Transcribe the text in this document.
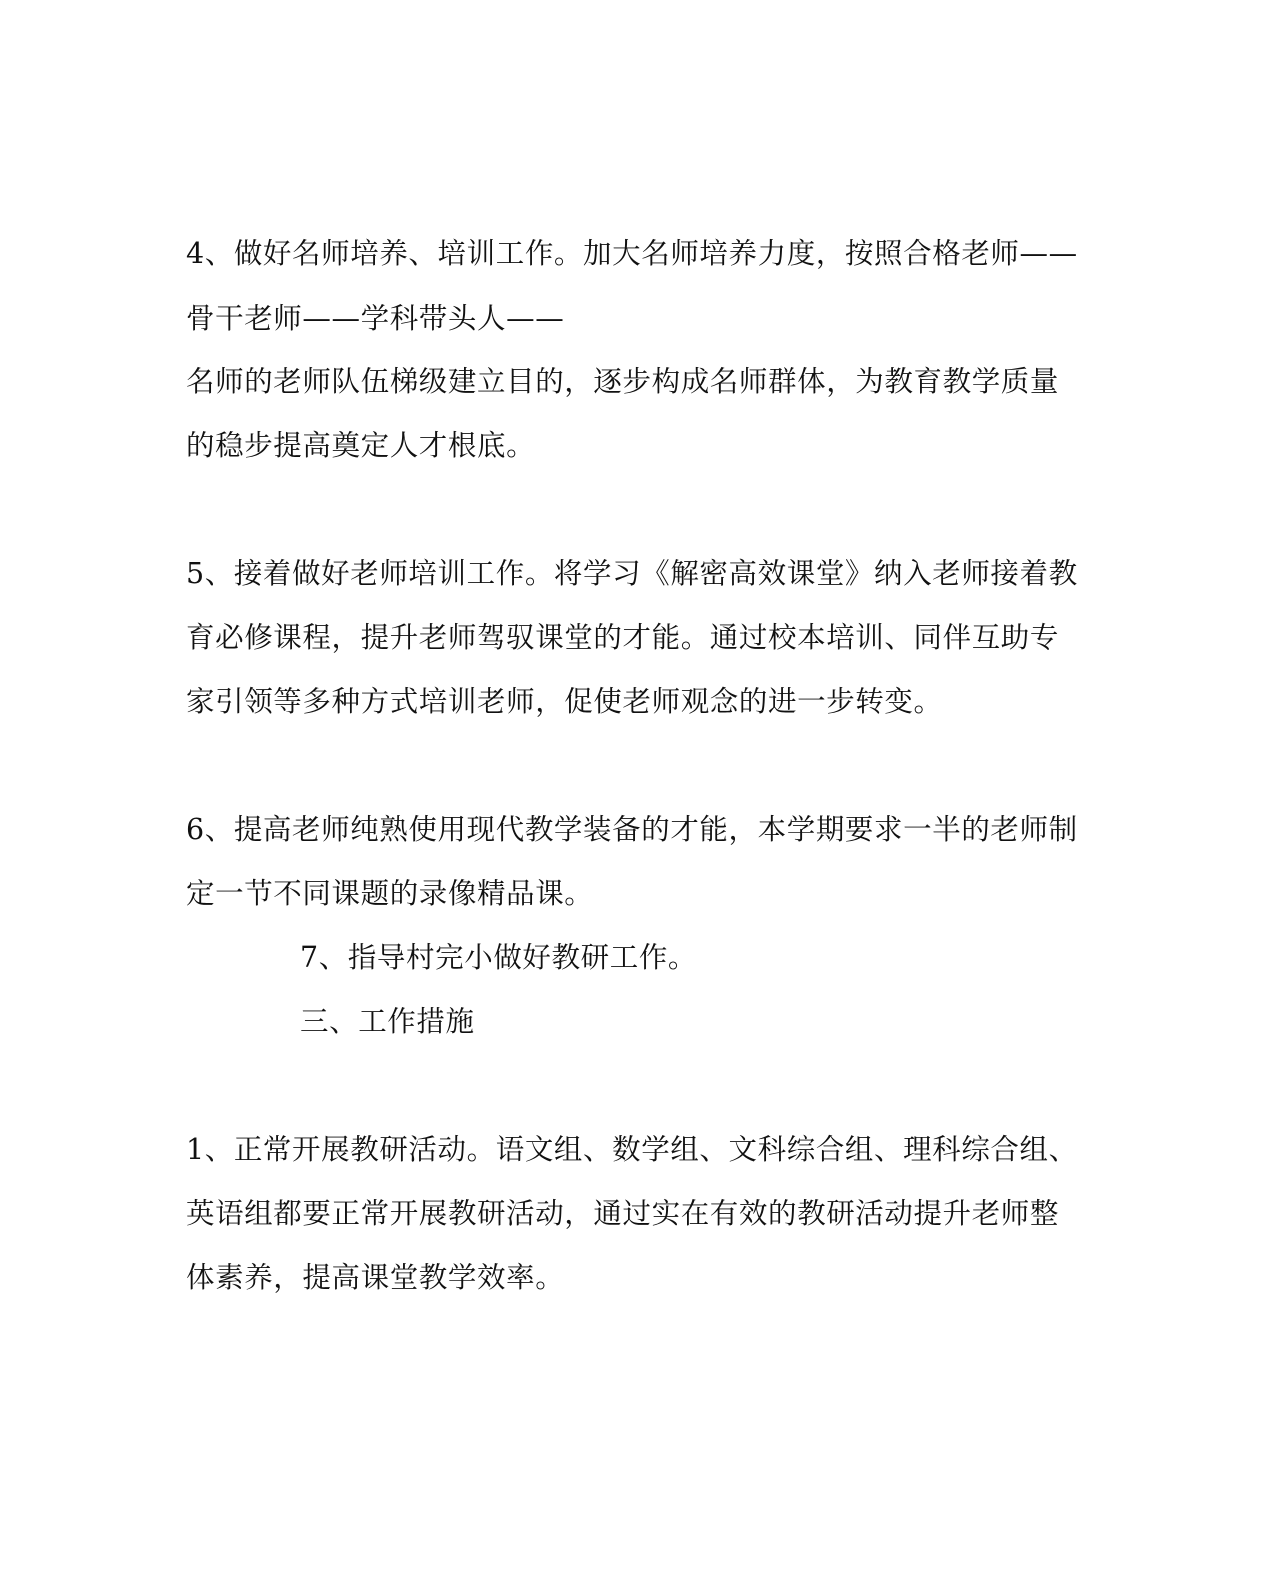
4、做好名师培养、培训工作。加大名师培养力度，按照合格老师——
骨干老师——学科带头人——
名师的老师队伍梯级建立目的，逐步构成名师群体，为教育教学质量
的稳步提高奠定人才根底。
5、接着做好老师培训工作。将学习《解密高效课堂》纳入老师接着教
育必修课程，提升老师驾驭课堂的才能。通过校本培训、同伴互助专
家引领等多种方式培训老师，促使老师观念的进一步转变。
6、提高老师纯熟使用现代教学装备的才能，本学期要求一半的老师制
定一节不同课题的录像精品课。
7、指导村完小做好教研工作。
三、工作措施
1、正常开展教研活动。语文组、数学组、文科综合组、理科综合组、
英语组都要正常开展教研活动，通过实在有效的教研活动提升老师整
体素养，提高课堂教学效率。
